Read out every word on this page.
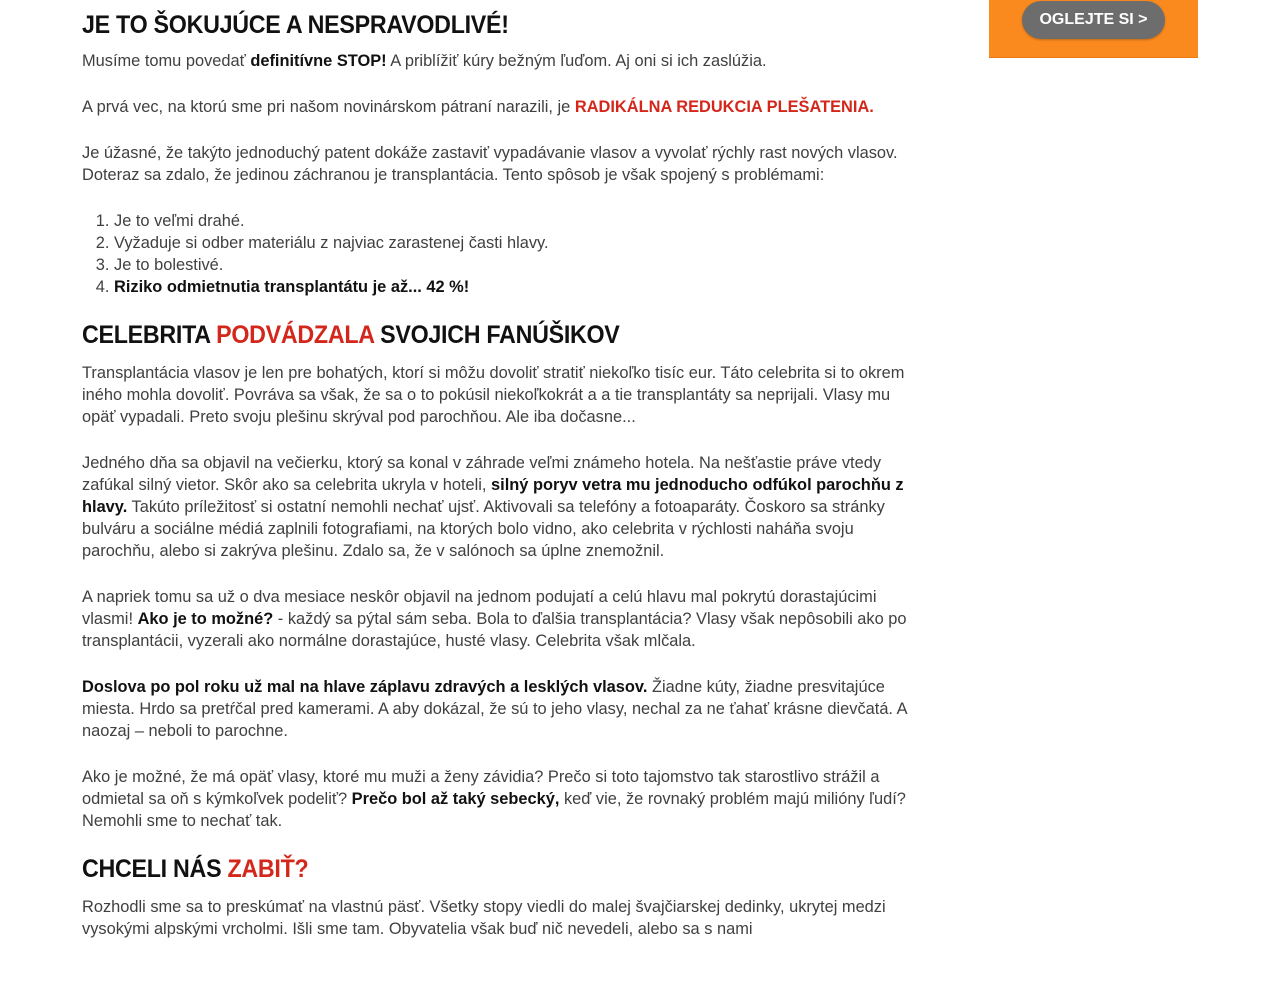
OGLEJTE SI >
JE TO ŠOKUJÚCE A NESPRAVODLIVÉ!

Musíme tomu povedať definitívne STOP! A priblížiť kúry bežným ľuďom. Aj oni si ich zaslúžia.

A prvá vec, na ktorú sme pri našom novinárskom pátraní narazili, je RADIKÁLNA REDUKCIA PLEŠATENIA.

Je úžasné, že takýto jednoduchý patent dokáže zastaviť vypadávanie vlasov a vyvolať rýchly rast nových vlasov. Doteraz sa zdalo, že jedinou záchranou je transplantácia. Tento spôsob je však spojený s problémami:

1. Je to veľmi drahé.
2. Vyžaduje si odber materiálu z najviac zarastenej časti hlavy.
3. Je to bolestivé.
4. Riziko odmietnutia transplantátu je až... 42 %!
CELEBRITA PODVÁDZALA SVOJICH FANÚŠIKOV

Transplantácia vlasov je len pre bohatých, ktorí si môžu dovoliť stratiť niekoľko tisíc eur. Táto celebrita si to okrem iného mohla dovoliť. Povráva sa však, že sa o to pokúsil niekoľkokrát a a tie transplantáty sa neprijali. Vlasy mu opäť vypadali. Preto svoju plešinu skrýval pod parochňou. Ale iba dočasne...

Jedného dňa sa objavil na večierku, ktorý sa konal v záhrade veľmi známeho hotela. Na nešťastie práve vtedy zafúkal silný vietor. Skôr ako sa celebrita ukryla v hoteli, silný poryv vetra mu jednoducho odfúkol parochňu z hlavy. Takúto príležitosť si ostatní nemohli nechať ujsť. Aktivovali sa telefóny a fotoaparáty. Čoskoro sa stránky bulváru a sociálne médiá zaplnili fotografiami, na ktorých bolo vidno, ako celebrita v rýchlosti naháňa svoju parochňu, alebo si zakrýva plešinu. Zdalo sa, že v salónoch sa úplne znemožnil.

A napriek tomu sa už o dva mesiace neskôr objavil na jednom podujatí a celú hlavu mal pokrytú dorastajúcimi vlasmi! Ako je to možné? - každý sa pýtal sám seba. Bola to ďalšia transplantácia? Vlasy však nepôsobili ako po transplantácii, vyzerali ako normálne dorastajúce, husté vlasy. Celebrita však mlčala.

Doslova po pol roku už mal na hlave záplavu zdravých a lesklých vlasov. Žiadne kúty, žiadne presvitajúce miesta. Hrdo sa pretŕčal pred kamerami. A aby dokázal, že sú to jeho vlasy, nechal za ne ťahať krásne dievčatá. A naozaj – neboli to parochne.

Ako je možné, že má opäť vlasy, ktoré mu muži a ženy závidia? Prečo si toto tajomstvo tak starostlivo strážil a odmietal sa oň s kýmkoľvek podeliť? Prečo bol až taký sebecký, keď vie, že rovnaký problém majú milióny ľudí? Nemohli sme to nechať tak.

CHCELI NÁS ZABIŤ?

Rozhodli sme sa to preskúmať na vlastnú päsť. Všetky stopy viedli do malej švajčiarskej dedinky, ukrytej medzi vysokými alpskými vrcholmi. Išli sme tam. Obyvatelia však buď nič nevedeli, alebo sa s nami
